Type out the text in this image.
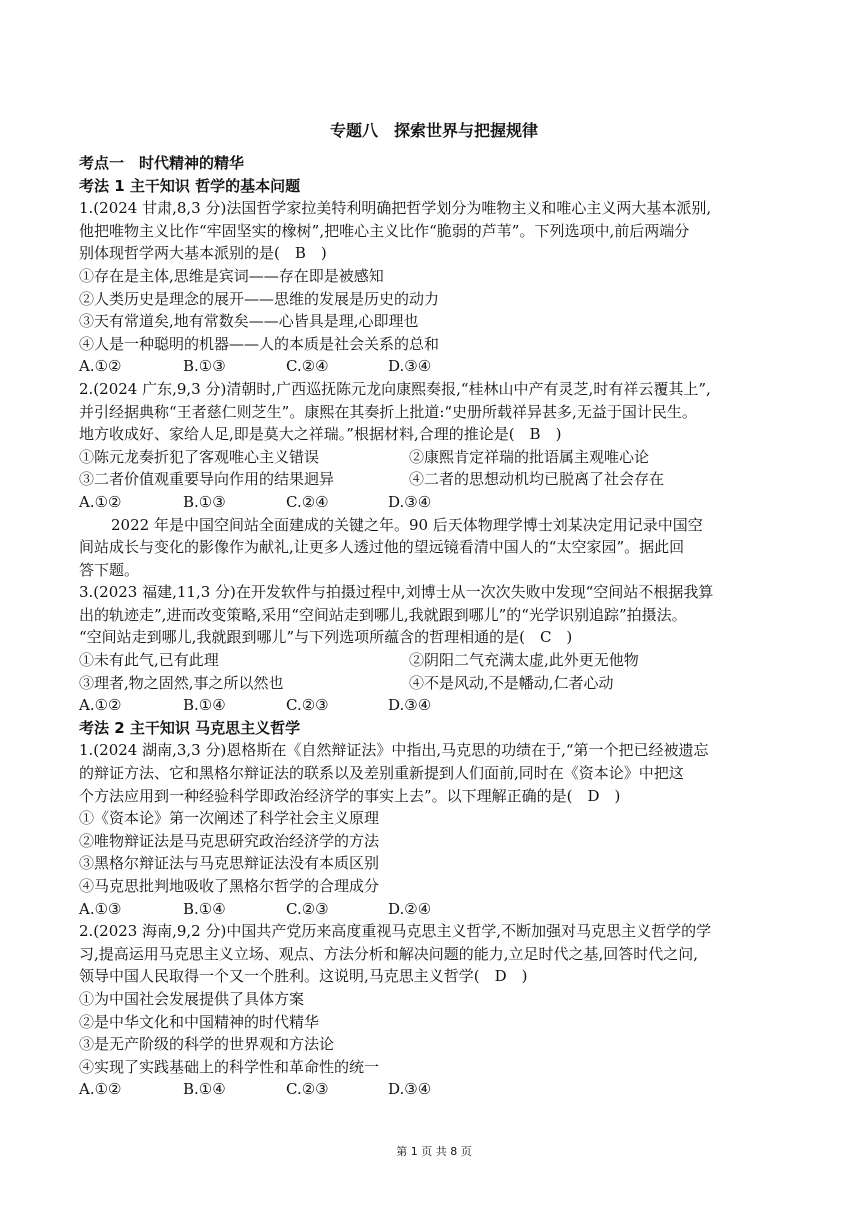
专题八　探索世界与把握规律
考点一　时代精神的精华
考法 1 主干知识 哲学的基本问题
1.(2024 甘肃,8,3 分)法国哲学家拉美特利明确把哲学划分为唯物主义和唯心主义两大基本派别,
他把唯物主义比作“牢固坚实的橡树”,把唯心主义比作“脆弱的芦苇”。下列选项中,前后两端分
别体现哲学两大基本派别的是(　B　)
①存在是主体,思维是宾词——存在即是被感知
②人类历史是理念的展开——思维的发展是历史的动力
③天有常道矣,地有常数矣——心皆具是理,心即理也
④人是一种聪明的机器——人的本质是社会关系的总和
A.①②	B.①③	C.②④	D.③④
2.(2024 广东,9,3 分)清朝时,广西巡抚陈元龙向康熙奏报,“桂林山中产有灵芝,时有祥云覆其上”,
并引经据典称“王者慈仁则芝生”。康熙在其奏折上批道:“史册所载祥异甚多,无益于国计民生。
地方收成好、家给人足,即是莫大之祥瑞。”根据材料,合理的推论是(　B　)
①陈元龙奏折犯了客观唯心主义错误	②康熙肯定祥瑞的批语属主观唯心论
③二者价值观重要导向作用的结果迥异	④二者的思想动机均已脱离了社会存在
A.①②	B.①③	C.②④	D.③④
2022 年是中国空间站全面建成的关键之年。90 后天体物理学博士刘某决定用记录中国空
间站成长与变化的影像作为献礼,让更多人透过他的望远镜看清中国人的“太空家园”。据此回
答下题。
3.(2023 福建,11,3 分)在开发软件与拍摄过程中,刘博士从一次次失败中发现“空间站不根据我算
出的轨迹走”,进而改变策略,采用“空间站走到哪儿,我就跟到哪儿”的“光学识别追踪”拍摄法。
“空间站走到哪儿,我就跟到哪儿”与下列选项所蕴含的哲理相通的是(　C　)
①未有此气,已有此理	②阴阳二气充满太虚,此外更无他物
③理者,物之固然,事之所以然也	④不是风动,不是幡动,仁者心动
A.①②	B.①④	C.②③	D.③④
考法 2 主干知识 马克思主义哲学
1.(2024 湖南,3,3 分)恩格斯在《自然辩证法》中指出,马克思的功绩在于,“第一个把已经被遗忘
的辩证方法、它和黑格尔辩证法的联系以及差别重新提到人们面前,同时在《资本论》中把这
个方法应用到一种经验科学即政治经济学的事实上去”。以下理解正确的是(　D　)
①《资本论》第一次阐述了科学社会主义原理
②唯物辩证法是马克思研究政治经济学的方法
③黑格尔辩证法与马克思辩证法没有本质区别
④马克思批判地吸收了黑格尔哲学的合理成分
A.①③	B.①④	C.②③	D.②④
2.(2023 海南,9,2 分)中国共产党历来高度重视马克思主义哲学,不断加强对马克思主义哲学的学
习,提高运用马克思主义立场、观点、方法分析和解决问题的能力,立足时代之基,回答时代之问,
领导中国人民取得一个又一个胜利。这说明,马克思主义哲学(　D　)
①为中国社会发展提供了具体方案
②是中华文化和中国精神的时代精华
③是无产阶级的科学的世界观和方法论
④实现了实践基础上的科学性和革命性的统一
A.①②	B.①④	C.②③	D.③④
第 1 页 共 8 页
